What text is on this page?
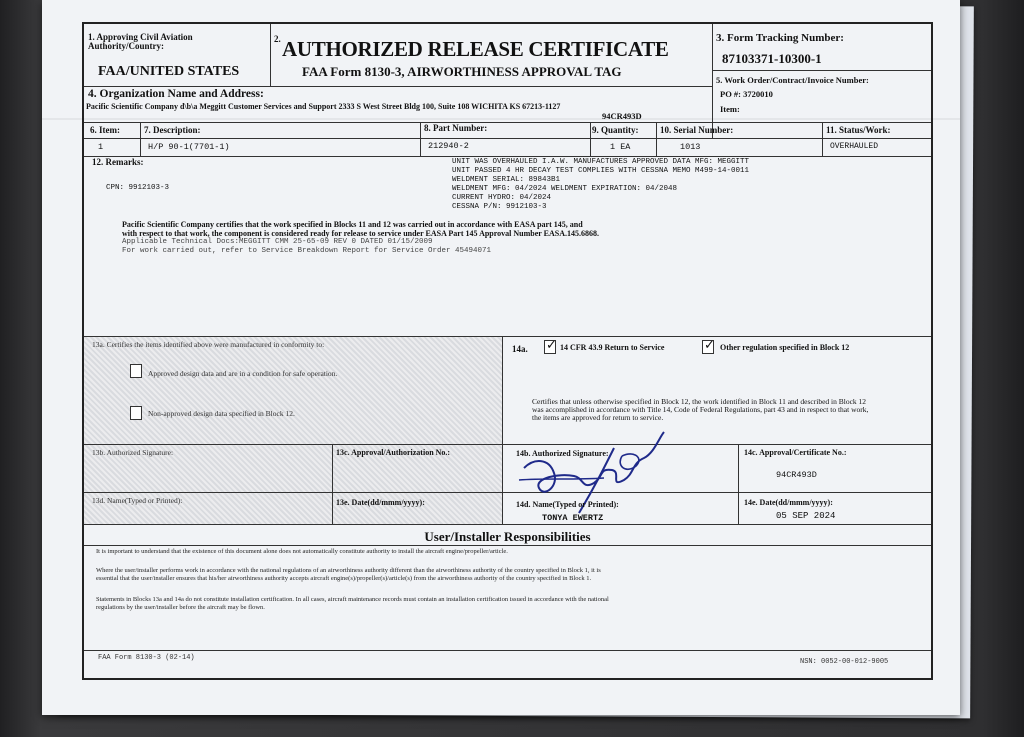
1. Approving Civil Aviation Authority/Country:
FAA/UNITED STATES
2. AUTHORIZED RELEASE CERTIFICATE
FAA Form 8130-3, AIRWORTHINESS APPROVAL TAG
3. Form Tracking Number:
87103371-10300-1
4. Organization Name and Address:
Pacific Scientific Company d\b\a Meggitt Customer Services and Support 2333 S West Street Bldg 100, Suite 108 WICHITA KS 67213-1127
94CR493D
5. Work Order/Contract/Invoice Number:
PO #: 3720010
Item:
6. Item:	7. Description:	8. Part Number:	9. Quantity: 10. Serial Number:	11. Status/Work:
1	H/P 90-1(7701-1)	212940-2	1 EA	1013	OVERHAULED
12. Remarks:
CPN: 9912103-3
UNIT WAS OVERHAULED I.A.W. MANUFACTURES APPROVED DATA MFG: MEGGITT
UNIT PASSED 4 HR DECAY TEST COMPLIES WITH CESSNA MEMO M499-14-0011
WELDMENT SERIAL: 89843B1
WELDMENT MFG: 04/2024 WELDMENT EXPIRATION: 04/2048
CURRENT HYDRO: 04/2024
CESSNA P/N: 9912103-3
Pacific Scientific Company certifies that the work specified in Blocks 11 and 12 was carried out in accordance with EASA part 145, and
with respect to that work, the component is considered ready for release to service under EASA Part 145 Approval Number EASA.145.6868.
Applicable Technical Docs:MEGGITT CMM 25-65-09 REV 0 DATED 01/15/2009
For work carried out, refer to Service Breakdown Report for Service Order 45494071
13a. Certifies the items identified above were manufactured in conformity to:
Approved design data and are in a condition for safe operation.
Non-approved design data specified in Block 12.
14a. ✓ 14 CFR 43.9 Return to Service	✓ Other regulation specified in Block 12
Certifies that unless otherwise specified in Block 12, the work identified in Block 11 and described in Block 12 was accomplished in accordance with Title 14, Code of Federal Regulations, part 43 and in respect to that work, the items are approved for return to service.
13b. Authorized Signature:	13c. Approval/Authorization No.:
13d. Name(Typed or Printed):	13e. Date(dd/mmm/yyyy):
14b. Authorized Signature:	14c. Approval/Certificate No.:
94CR493D
14d. Name(Typed or Printed):
TONYA EWERTZ
14e. Date(dd/mmm/yyyy):
05 SEP 2024
User/Installer Responsibilities
It is important to understand that the existence of this document alone does not automatically constitute authority to install the aircraft engine/propeller/article.
Where the user/installer performs work in accordance with the national regulations of an airworthiness authority different than the airworthiness authority of the country specified in Block 1, it is
essential that the user/installer ensures that his/her airworthiness authority accepts aircraft engine(s)/propeller(s)/article(s) from the airworthiness authority of the country specified in Block 1.
Statements in Blocks 13a and 14a do not constitute installation certification. In all cases, aircraft maintenance records must contain an installation certification issued in accordance with the national
regulations by the user/installer before the aircraft may be flown.
FAA Form 8130-3 (02-14)	NSN: 0052-00-012-9005
